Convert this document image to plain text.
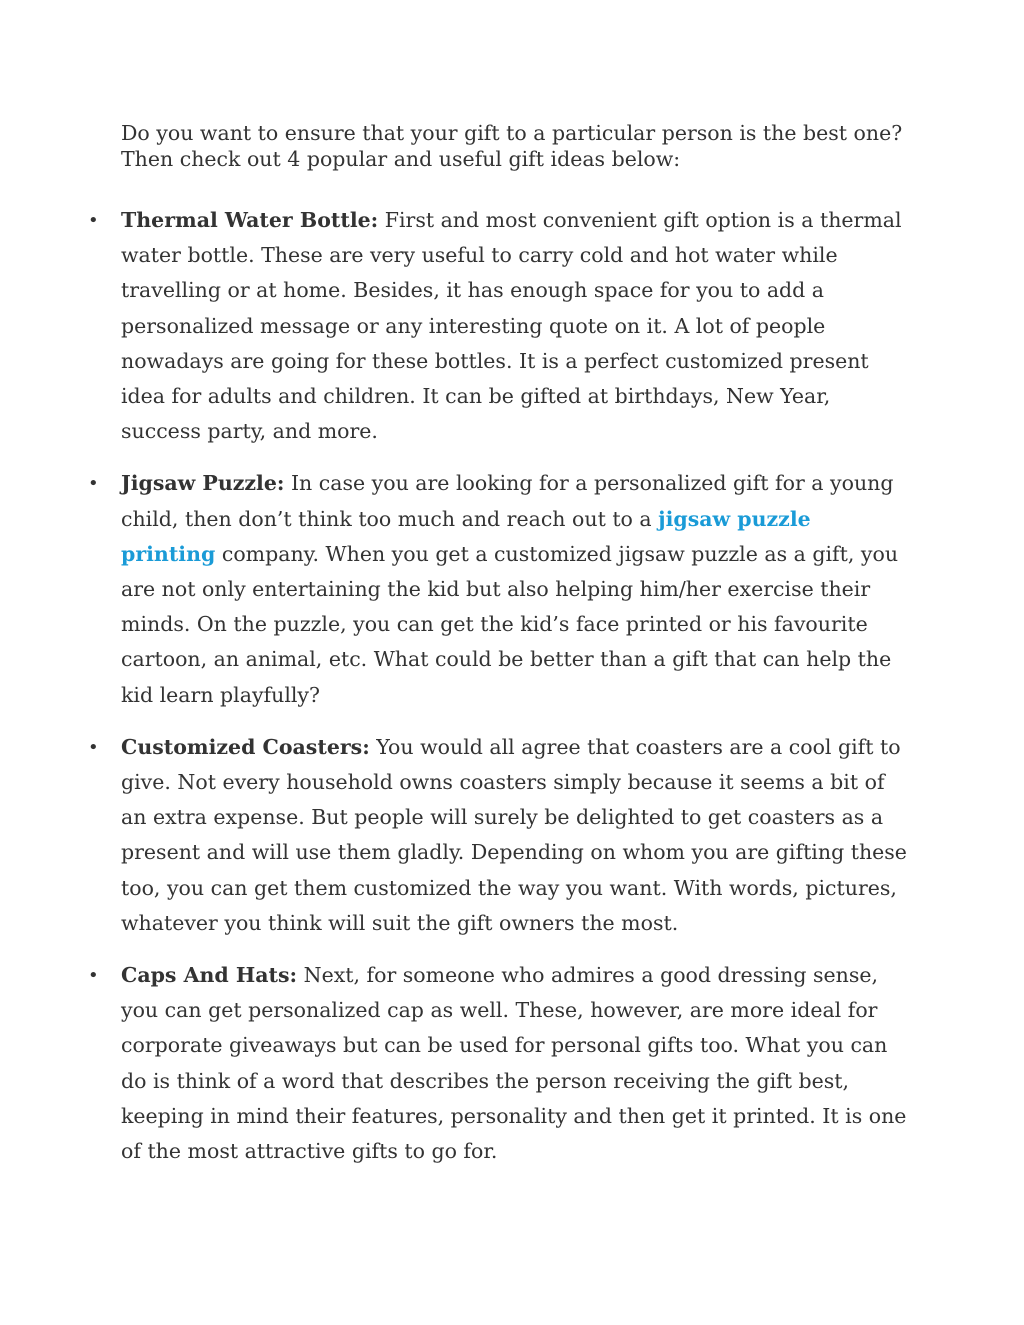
Do you want to ensure that your gift to a particular person is the best one? Then check out 4 popular and useful gift ideas below:

• Thermal Water Bottle: First and most convenient gift option is a thermal water bottle. These are very useful to carry cold and hot water while travelling or at home. Besides, it has enough space for you to add a personalized message or any interesting quote on it. A lot of people nowadays are going for these bottles. It is a perfect customized present idea for adults and children. It can be gifted at birthdays, New Year, success party, and more.
• Jigsaw Puzzle: In case you are looking for a personalized gift for a young child, then don’t think too much and reach out to a jigsaw puzzle printing company. When you get a customized jigsaw puzzle as a gift, you are not only entertaining the kid but also helping him/her exercise their minds. On the puzzle, you can get the kid’s face printed or his favourite cartoon, an animal, etc. What could be better than a gift that can help the kid learn playfully?
• Customized Coasters: You would all agree that coasters are a cool gift to give. Not every household owns coasters simply because it seems a bit of an extra expense. But people will surely be delighted to get coasters as a present and will use them gladly. Depending on whom you are gifting these too, you can get them customized the way you want. With words, pictures, whatever you think will suit the gift owners the most.
• Caps And Hats: Next, for someone who admires a good dressing sense, you can get personalized cap as well. These, however, are more ideal for corporate giveaways but can be used for personal gifts too. What you can do is think of a word that describes the person receiving the gift best, keeping in mind their features, personality and then get it printed. It is one of the most attractive gifts to go for.
